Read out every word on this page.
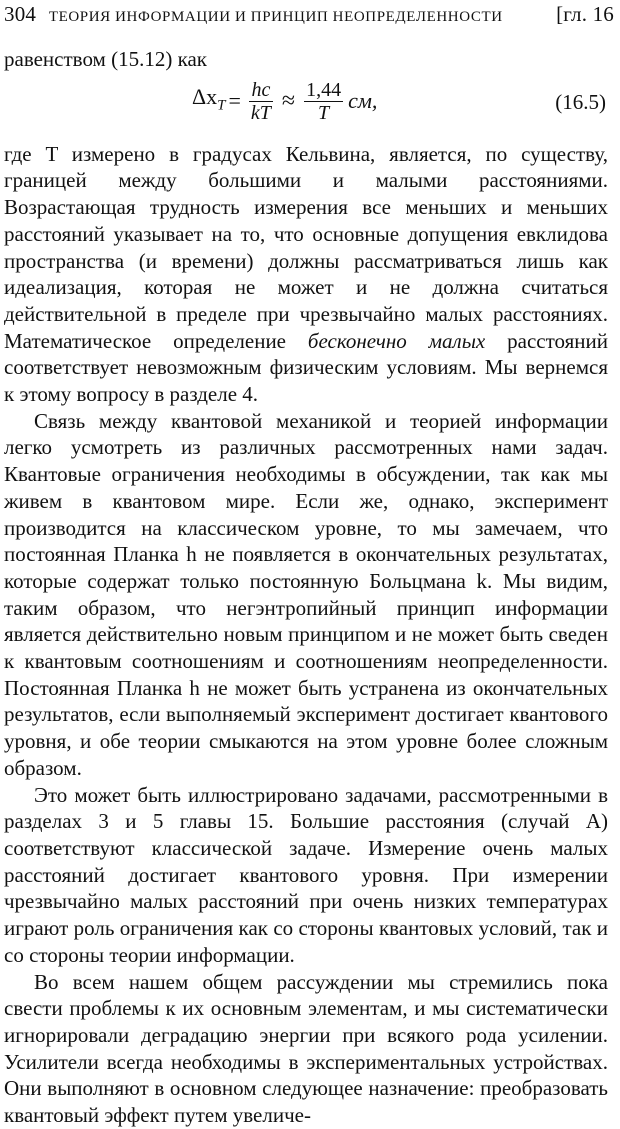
304 ТЕОРИЯ ИНФОРМАЦИИ И ПРИНЦИП НЕОПРЕДЕЛЕННОСТИ	[гл. 16

равенством (15.12) как

$\Delta x_T = \frac{hc}{kT} \approx \frac{1,44}{T}$ см,	(16.5)

где T измерено в градусах Кельвина, является, по существу, границей между большими и малыми расстояниями. Возрастающая трудность измерения все меньших и меньших расстояний указывает на то, что основные допущения евклидова пространства (и времени) должны рассматриваться лишь как идеализация, которая не может и не должна считаться действительной в пределе при чрезвычайно малых расстояниях. Математическое определение бесконечно малых расстояний соответствует невозможным физическим условиям. Мы вернемся к этому вопросу в разделе 4.

Связь между квантовой механикой и теорией информации легко усмотреть из различных рассмотренных нами задач. Квантовые ограничения необходимы в обсуждении, так как мы живем в квантовом мире. Если же, однако, эксперимент производится на классическом уровне, то мы замечаем, что постоянная Планка h не появляется в окончательных результатах, которые содержат только постоянную Больцмана k. Мы видим, таким образом, что негэнтропийный принцип информации является действительно новым принципом и не может быть сведен к квантовым соотношениям и соотношениям неопределенности. Постоянная Планка h не может быть устранена из окончательных результатов, если выполняемый эксперимент достигает квантового уровня, и обе теории смыкаются на этом уровне более сложным образом.

Это может быть иллюстрировано задачами, рассмотренными в разделах 3 и 5 главы 15. Большие расстояния (случай A) соответствуют классической задаче. Измерение очень малых расстояний достигает квантового уровня. При измерении чрезвычайно малых расстояний при очень низких температурах играют роль ограничения как со стороны квантовых условий, так и со стороны теории информации.

Во всем нашем общем рассуждении мы стремились пока свести проблемы к их основным элементам, и мы систематически игнорировали деградацию энергии при всякого рода усилении. Усилители всегда необходимы в экспериментальных устройствах. Они выполняют в основном следующее назначение: преобразовать квантовый эффект путем увеличе-
